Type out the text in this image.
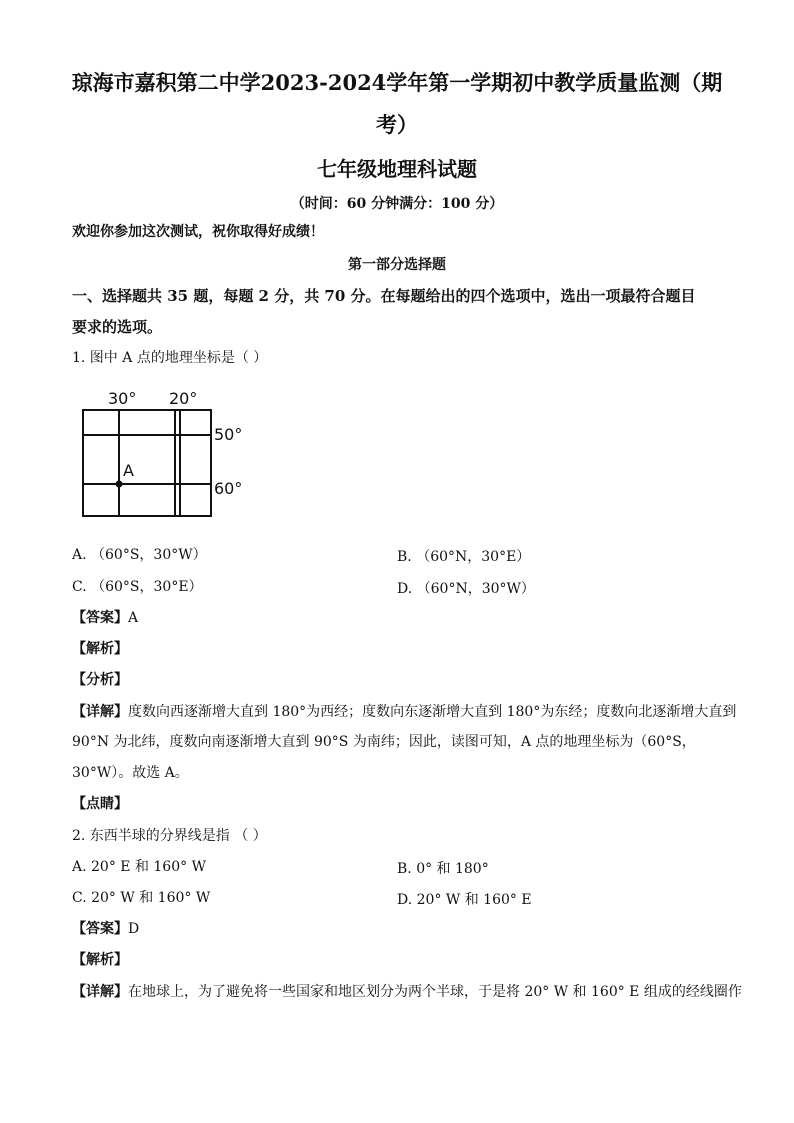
琼海市嘉积第二中学2023-2024学年第一学期初中教学质量监测（期
考）
七年级地理科试题
（时间：60 分钟满分：100 分）
欢迎你参加这次测试，祝你取得好成绩！
第一部分选择题
一、选择题共 35 题，每题 2 分，共 70 分。在每题给出的四个选项中，选出一项最符合题目
要求的选项。
1. 图中 A 点的地理坐标是（ ）
30° 20°
50°
60°
A
A. （60°S，30°W）	B. （60°N，30°E）
C. （60°S，30°E）	D. （60°N，30°W）
【答案】A
【解析】
【分析】
【详解】度数向西逐渐增大直到 180°为西经；度数向东逐渐增大直到 180°为东经；度数向北逐渐增大直到
90°N 为北纬，度数向南逐渐增大直到 90°S 为南纬；因此，读图可知，A 点的地理坐标为（60°S，
30°W）。故选 A。
【点睛】
2. 东西半球的分界线是指 （ ）
A. 20° E 和 160° W	B. 0° 和 180°
C. 20° W 和 160° W	D. 20° W 和 160° E
【答案】D
【解析】
【详解】在地球上，为了避免将一些国家和地区划分为两个半球，于是将 20° W 和 160° E 组成的经线圈作
